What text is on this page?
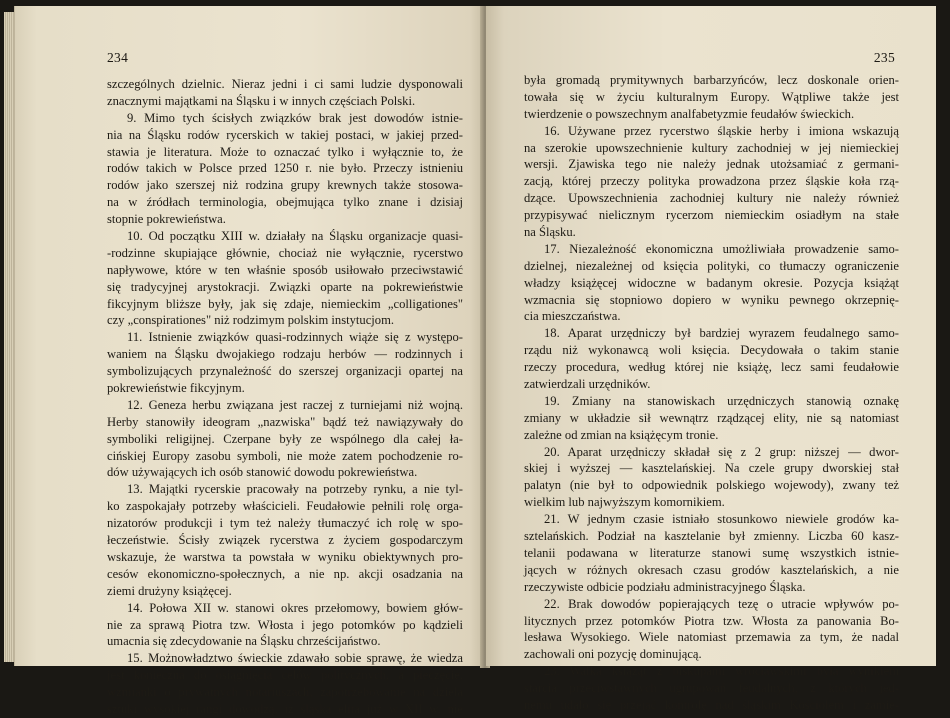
234
szczególnych dzielnic. Nieraz jedni i ci sami ludzie dysponowali
znacznymi majątkami na Śląsku i w innych częściach Polski.
9. Mimo tych ścisłych związków brak jest dowodów istnie-
nia na Śląsku rodów rycerskich w takiej postaci, w jakiej przed-
stawia je literatura. Może to oznaczać tylko i wyłącznie to, że
rodów takich w Polsce przed 1250 r. nie było. Przeczy istnieniu
rodów jako szerszej niż rodzina grupy krewnych także stosowa-
na w źródłach terminologia, obejmująca tylko znane i dzisiaj
stopnie pokrewieństwa.
10. Od początku XIII w. działały na Śląsku organizacje quasi-
-rodzinne skupiające głównie, chociaż nie wyłącznie, rycerstwo
napływowe, które w ten właśnie sposób usiłowało przeciwstawić
się tradycyjnej arystokracji. Związki oparte na pokrewieństwie
fikcyjnym bliższe były, jak się zdaje, niemieckim „colligationes"
czy „conspirationes" niż rodzimym polskim instytucjom.
11. Istnienie związków quasi-rodzinnych wiąże się z występo-
waniem na Śląsku dwojakiego rodzaju herbów — rodzinnych i
symbolizujących przynależność do szerszej organizacji opartej na
pokrewieństwie fikcyjnym.
12. Geneza herbu związana jest raczej z turniejami niż wojną.
Herby stanowiły ideogram „nazwiska" bądź też nawiązywały do
symboliki religijnej. Czerpane były ze wspólnego dla całej ła-
cińskiej Europy zasobu symboli, nie może zatem pochodzenie ro-
dów używających ich osób stanowić dowodu pokrewieństwa.
13. Majątki rycerskie pracowały na potrzeby rynku, a nie tyl-
ko zaspokajały potrzeby właścicieli. Feudałowie pełnili rolę orga-
nizatorów produkcji i tym też należy tłumaczyć ich rolę w spo-
łeczeństwie. Ścisły związek rycerstwa z życiem gospodarczym
wskazuje, że warstwa ta powstała w wyniku obiektywnych pro-
cesów ekonomiczno-społecznych, a nie np. akcji osadzania na
ziemi drużyny książęcej.
14. Połowa XII w. stanowi okres przełomowy, bowiem głów-
nie za sprawą Piotra tzw. Włosta i jego potomków po kądzieli
umacnia się zdecydowanie na Śląsku chrześcijaństwo.
15. Możnowładztwo świeckie zdawało sobie sprawę, że wiedza
jest konieczna do osiągnięcia celów politycznych, a pieczęcie,
wzmianki o prywatnych notariuszach, zapotrzebowanie na dzieła
sztuki wysokiej rangi dowodzą, iż śląska elita już w XII w. nie
235
była gromadą prymitywnych barbarzyńców, lecz doskonale orien-
towała się w życiu kulturalnym Europy. Wątpliwe także jest
twierdzenie o powszechnym analfabetyzmie feudałów świeckich.
16. Używane przez rycerstwo śląskie herby i imiona wskazują
na szerokie upowszechnienie kultury zachodniej w jej niemieckiej
wersji. Zjawiska tego nie należy jednak utożsamiać z germani-
zacją, której przeczy polityka prowadzona przez śląskie koła rzą-
dzące. Upowszechnienia zachodniej kultury nie należy również
przypisywać nielicznym rycerzom niemieckim osiadłym na stałe
na Śląsku.
17. Niezależność ekonomiczna umożliwiała prowadzenie samo-
dzielnej, niezależnej od księcia polityki, co tłumaczy ograniczenie
władzy książęcej widoczne w badanym okresie. Pozycja książąt
wzmacnia się stopniowo dopiero w wyniku pewnego okrzepnię-
cia mieszczaństwa.
18. Aparat urzędniczy był bardziej wyrazem feudalnego samo-
rządu niż wykonawcą woli księcia. Decydowała o takim stanie
rzeczy procedura, według której nie książę, lecz sami feudałowie
zatwierdzali urzędników.
19. Zmiany na stanowiskach urzędniczych stanowią oznakę
zmiany w układzie sił wewnątrz rządzącej elity, nie są natomiast
zależne od zmian na książęcym tronie.
20. Aparat urzędniczy składał się z 2 grup: niższej — dwor-
skiej i wyższej — kasztelańskiej. Na czele grupy dworskiej stał
palatyn (nie był to odpowiednik polskiego wojewody), zwany też
wielkim lub najwyższym komornikiem.
21. W jednym czasie istniało stosunkowo niewiele grodów ka-
sztelańskich. Podział na kasztelanie był zmienny. Liczba 60 kasz-
telanii podawana w literaturze stanowi sumę wszystkich istnie-
jących w różnych okresach czasu grodów kasztelańskich, a nie
rzeczywiste odbicie podziału administracyjnego Śląska.
22. Brak dowodów popierających tezę o utracie wpływów po-
litycznych przez potomków Piotra tzw. Włosta za panowania Bo-
lesława Wysokiego. Wiele natomiast przemawia za tym, że nadal
zachowali oni pozycję dominującą.
23. Walka książąt z biskupami wrocławskimi była wynikiem
starcia przeciwstawnych ugrupowań feudalnych, z których jed-
nemu udało się przejąć kontrolę nad śląskim Kościołem i zamie-
